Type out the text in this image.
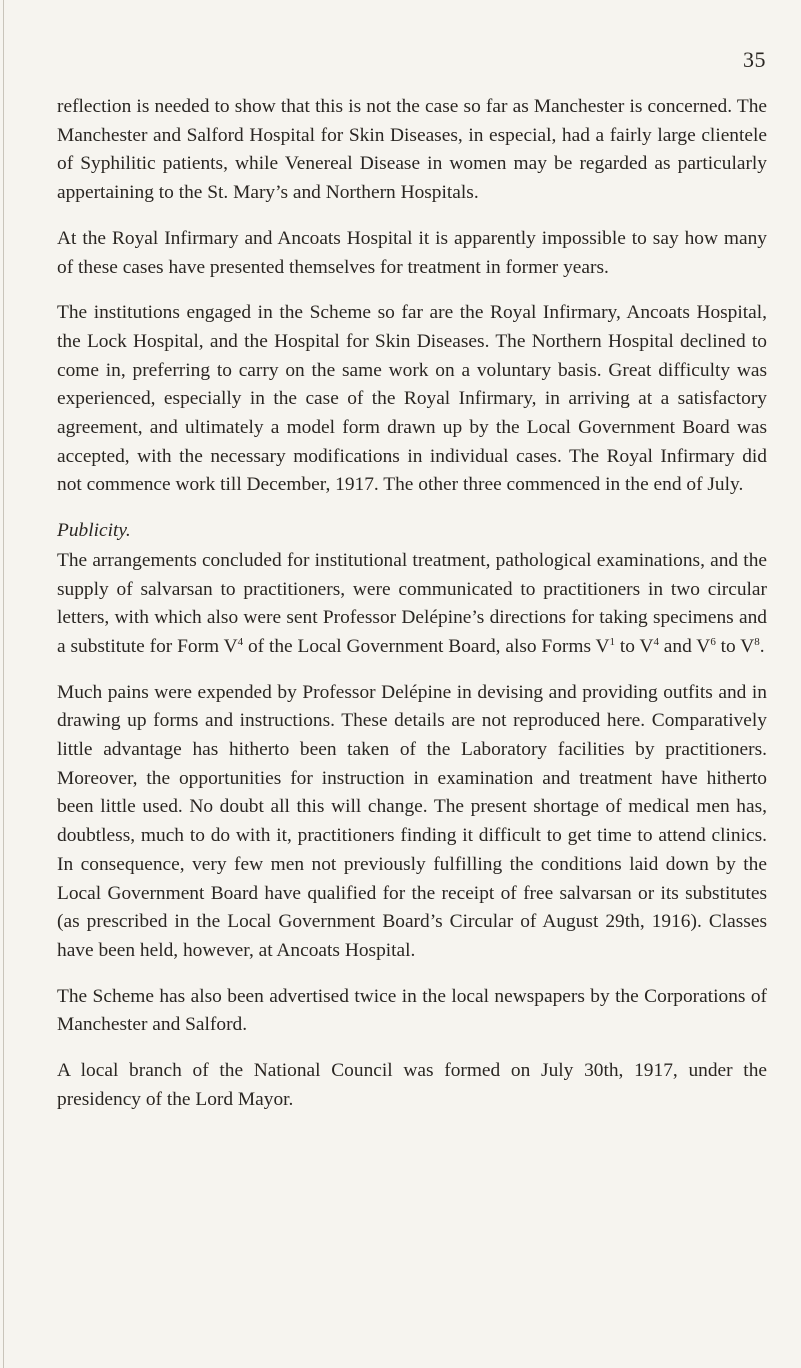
35

reflection is needed to show that this is not the case so far as Manchester is concerned. The Manchester and Salford Hospital for Skin Diseases, in especial, had a fairly large clientele of Syphilitic patients, while Venereal Disease in women may be regarded as particularly appertaining to the St. Mary’s and Northern Hospitals.

At the Royal Infirmary and Ancoats Hospital it is apparently impossible to say how many of these cases have presented themselves for treatment in former years.

The institutions engaged in the Scheme so far are the Royal Infirmary, Ancoats Hospital, the Lock Hospital, and the Hospital for Skin Diseases. The Northern Hospital declined to come in, preferring to carry on the same work on a voluntary basis. Great difficulty was experienced, especially in the case of the Royal Infirmary, in arriving at a satisfactory agreement, and ultimately a model form drawn up by the Local Government Board was accepted, with the necessary modifications in individual cases. The Royal Infirmary did not commence work till December, 1917. The other three commenced in the end of July.

Publicity.

The arrangements concluded for institutional treatment, pathological examinations, and the supply of salvarsan to practitioners, were communicated to practitioners in two circular letters, with which also were sent Professor Delépine’s directions for taking specimens and a substitute for Form $V^4$ of the Local Government Board, also Forms $V^1$ to $V^4$ and $V^6$ to $V^8$.

Much pains were expended by Professor Delépine in devising and providing outfits and in drawing up forms and instructions. These details are not reproduced here. Comparatively little advantage has hitherto been taken of the Laboratory facilities by practitioners. Moreover, the opportunities for instruction in examination and treatment have hitherto been little used. No doubt all this will change. The present shortage of medical men has, doubtless, much to do with it, practitioners finding it difficult to get time to attend clinics. In consequence, very few men not previously fulfilling the conditions laid down by the Local Government Board have qualified for the receipt of free salvarsan or its substitutes (as prescribed in the Local Government Board’s Circular of August 29th, 1916). Classes have been held, however, at Ancoats Hospital.

The Scheme has also been advertised twice in the local newspapers by the Corporations of Manchester and Salford.

A local branch of the National Council was formed on July 30th, 1917, under the presidency of the Lord Mayor.
